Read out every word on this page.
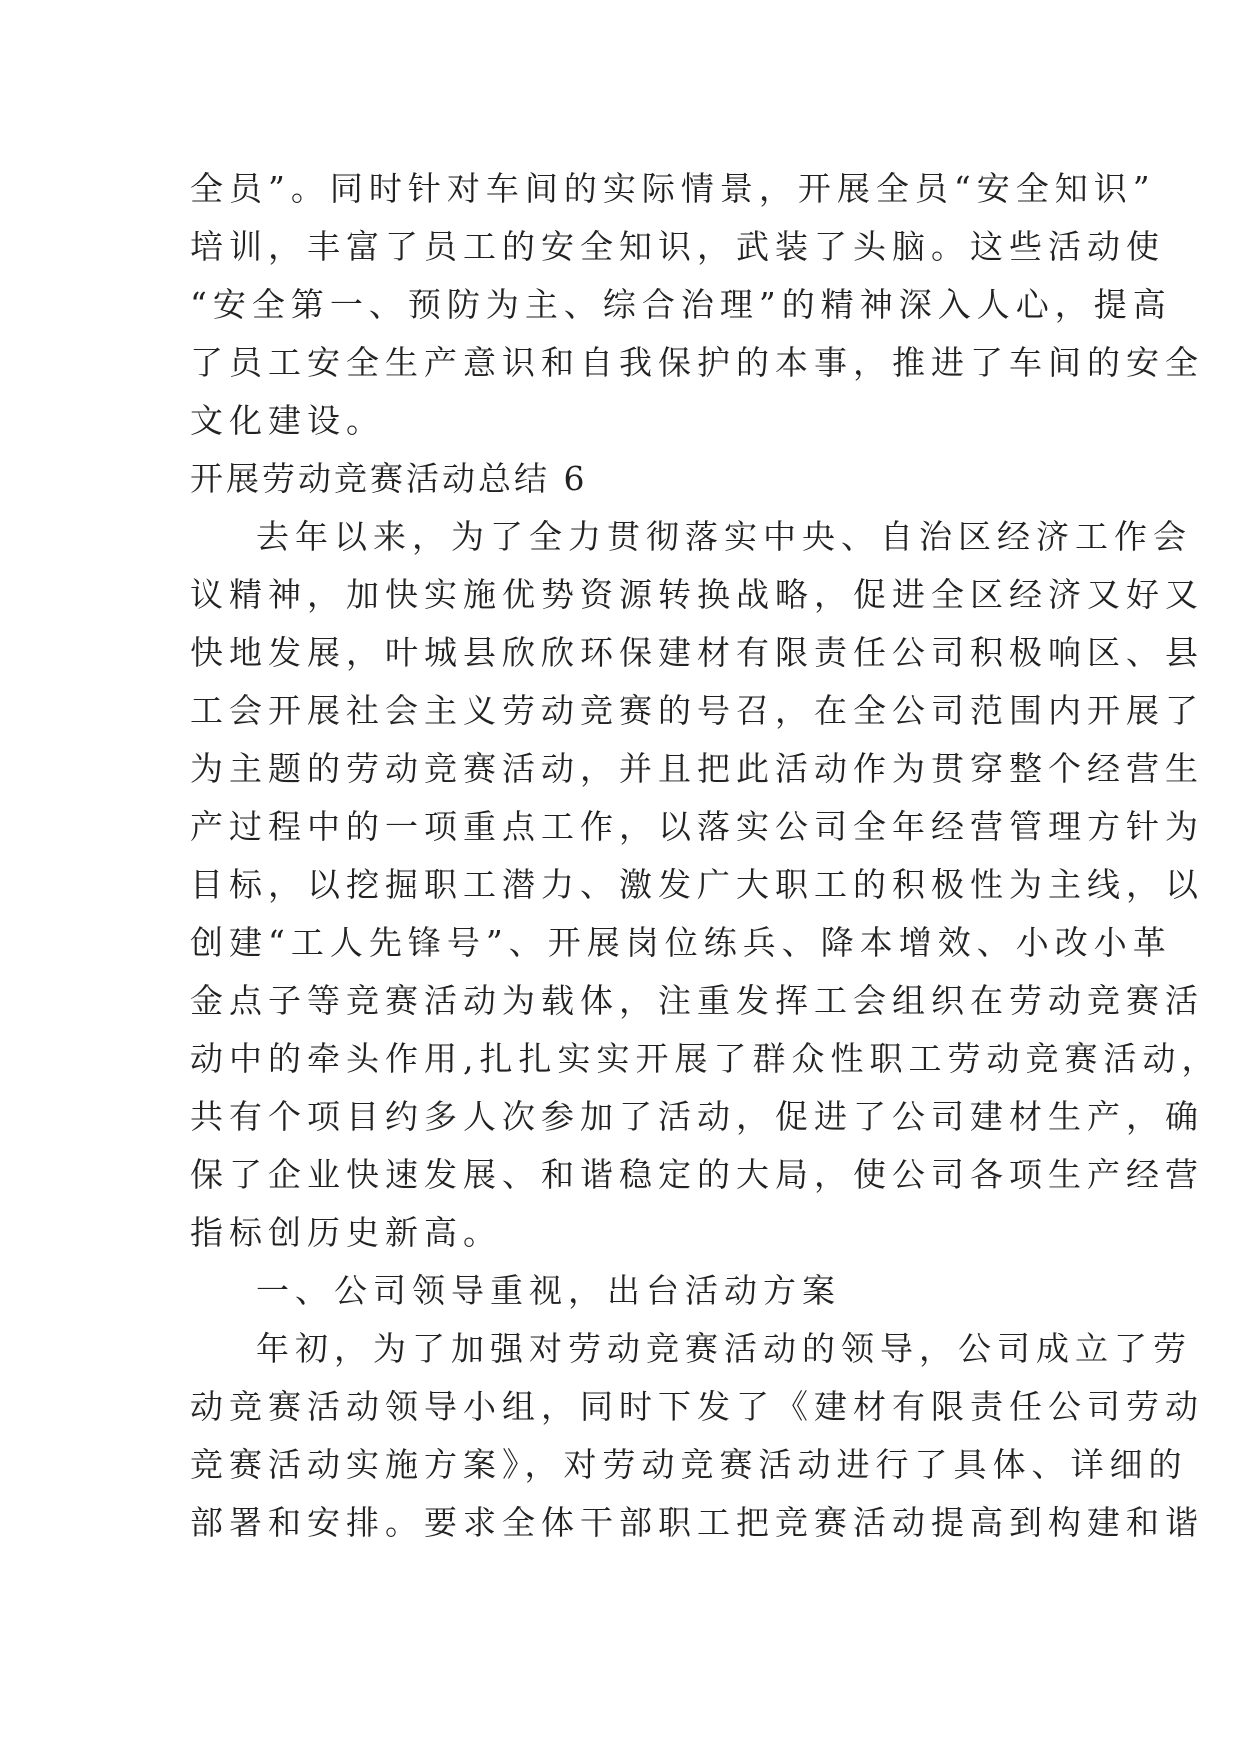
全员”。同时针对车间的实际情景，开展全员“安全知识”
培训，丰富了员工的安全知识，武装了头脑。这些活动使
“安全第一、预防为主、综合治理”的精神深入人心，提高
了员工安全生产意识和自我保护的本事，推进了车间的安全
文化建设。
开展劳动竞赛活动总结 6
去年以来，为了全力贯彻落实中央、自治区经济工作会
议精神，加快实施优势资源转换战略，促进全区经济又好又
快地发展，叶城县欣欣环保建材有限责任公司积极响区、县
工会开展社会主义劳动竞赛的号召，在全公司范围内开展了
为主题的劳动竞赛活动，并且把此活动作为贯穿整个经营生
产过程中的一项重点工作，以落实公司全年经营管理方针为
目标，以挖掘职工潜力、激发广大职工的积极性为主线，以
创建“工人先锋号”、开展岗位练兵、降本增效、小改小革
金点子等竞赛活动为载体，注重发挥工会组织在劳动竞赛活
动中的牵头作用,扎扎实实开展了群众性职工劳动竞赛活动，
共有个项目约多人次参加了活动，促进了公司建材生产，确
保了企业快速发展、和谐稳定的大局，使公司各项生产经营
指标创历史新高。
一、公司领导重视，出台活动方案
年初，为了加强对劳动竞赛活动的领导，公司成立了劳
动竞赛活动领导小组，同时下发了《建材有限责任公司劳动
竞赛活动实施方案》，对劳动竞赛活动进行了具体、详细的
部署和安排。要求全体干部职工把竞赛活动提高到构建和谐
